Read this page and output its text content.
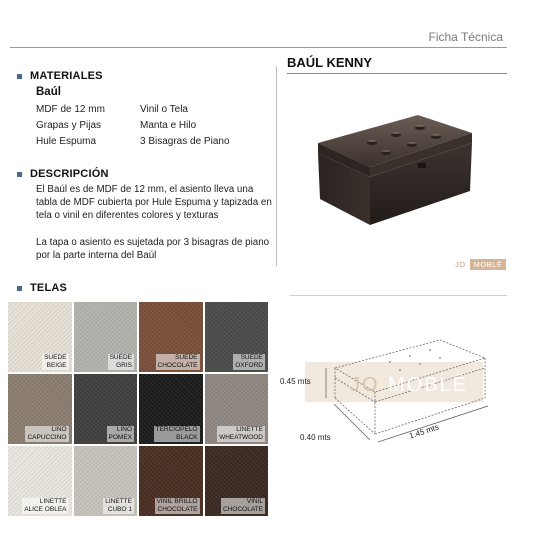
Ficha Técnica
MATERIALES
Baúl
MDF de 12 mm
Grapas y Pijas
Hule Espuma
Vinil o Tela
Manta e Hilo
3 Bisagras de Piano
DESCRIPCIÓN
El Baúl es de MDF de 12 mm, el asiento lleva una tabla de MDF cubierta por Hule Espuma y tapizada en tela o vinil en diferentes colores y texturas
La tapa o asiento es sujetada por 3 bisagras de piano por la parte interna del Baúl
TELAS
SUEDE
BEIGE
SUEDE
GRIS
SUEDE
CHOCOLATE
SUEDE
OXFORD
LINO
CAPUCCINO
LINO
POMEX
TERCIOPELO
BLACK
LINETTE
WHEATWOOD
LINETTE
ALICE OBLEA
LINETTE
CUBO 1
VINIL BRILLO
CHOCOLATE
VINIL
CHOCOLATE
BAÚL KENNY
JO	MOBLĒ
JO MOBLĒ
0.45 mts
0.40 mts	1.45 mts
